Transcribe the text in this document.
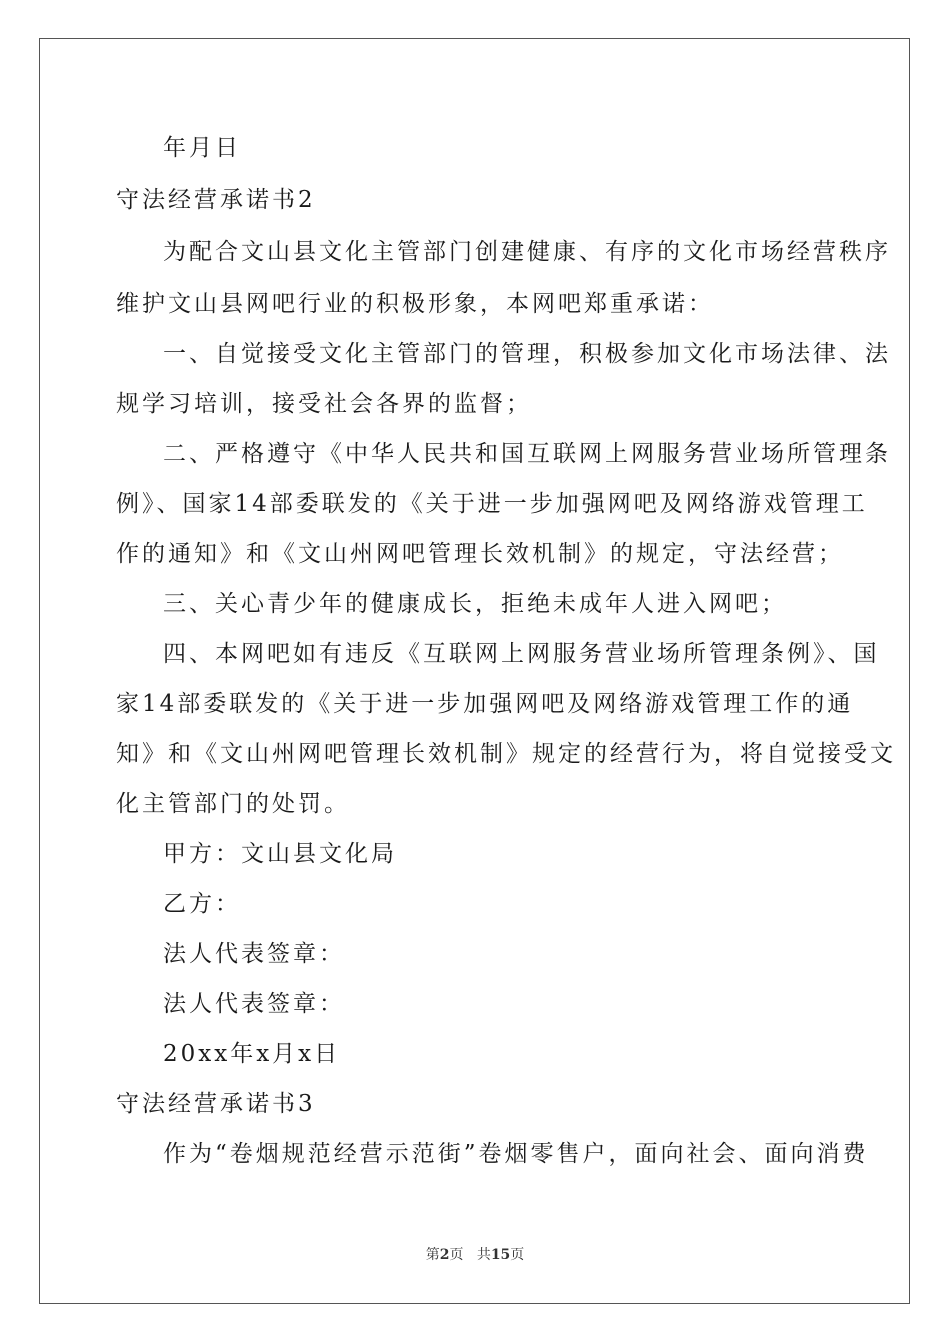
年月日
守法经营承诺书2
为配合文山县文化主管部门创建健康、有序的文化市场经营秩序
维护文山县网吧行业的积极形象，本网吧郑重承诺：
一、自觉接受文化主管部门的管理，积极参加文化市场法律、法
规学习培训，接受社会各界的监督；
二、严格遵守《中华人民共和国互联网上网服务营业场所管理条
例》、国家14部委联发的《关于进一步加强网吧及网络游戏管理工
作的通知》和《文山州网吧管理长效机制》的规定，守法经营；
三、关心青少年的健康成长，拒绝未成年人进入网吧；
四、本网吧如有违反《互联网上网服务营业场所管理条例》、国
家14部委联发的《关于进一步加强网吧及网络游戏管理工作的通
知》和《文山州网吧管理长效机制》规定的经营行为，将自觉接受文
化主管部门的处罚。
甲方：文山县文化局
乙方：
法人代表签章：
法人代表签章：
20xx年x月x日
守法经营承诺书3
作为“卷烟规范经营示范街”卷烟零售户，面向社会、面向消费
第2页 共15页
